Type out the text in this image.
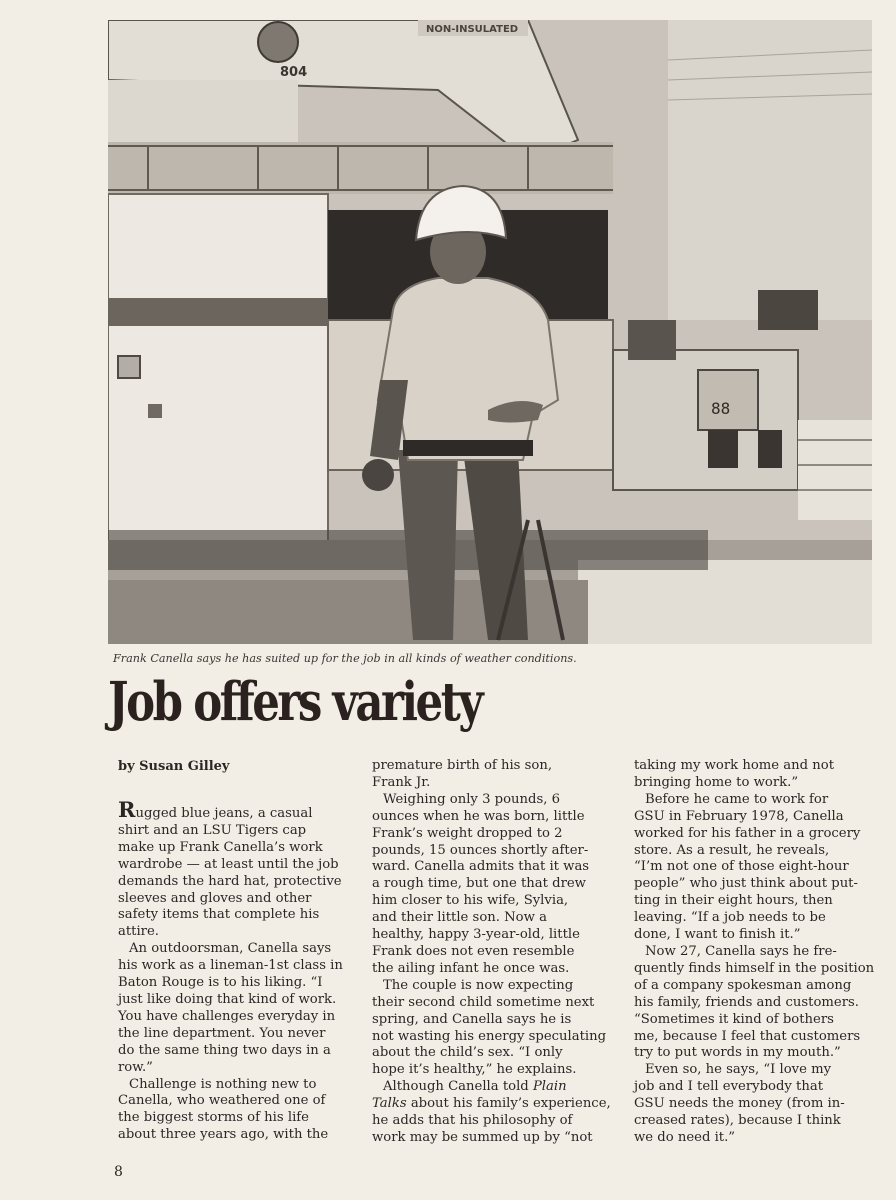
NON-INSULATED
804
88
Frank Canella says he has suited up for the job in all kinds of weather conditions.
Job offers variety
by Susan Gilley
Rugged blue jeans, a casual
shirt and an LSU Tigers cap
make up Frank Canella’s work
wardrobe — at least until the job
demands the hard hat, protective
sleeves and gloves and other
safety items that complete his
attire.
An outdoorsman, Canella says
his work as a lineman-1st class in
Baton Rouge is to his liking. “I
just like doing that kind of work.
You have challenges everyday in
the line department. You never
do the same thing two days in a
row.”
Challenge is nothing new to
Canella, who weathered one of
the biggest storms of his life
about three years ago, with the
premature birth of his son,
Frank Jr.
Weighing only 3 pounds, 6
ounces when he was born, little
Frank’s weight dropped to 2
pounds, 15 ounces shortly after-
ward. Canella admits that it was
a rough time, but one that drew
him closer to his wife, Sylvia,
and their little son. Now a
healthy, happy 3-year-old, little
Frank does not even resemble
the ailing infant he once was.
The couple is now expecting
their second child sometime next
spring, and Canella says he is
not wasting his energy speculating
about the child’s sex. “I only
hope it’s healthy,” he explains.
Although Canella told Plain
Talks about his family’s experience,
he adds that his philosophy of
work may be summed up by “not
taking my work home and not
bringing home to work.”
Before he came to work for
GSU in February 1978, Canella
worked for his father in a grocery
store. As a result, he reveals,
“I’m not one of those eight-hour
people” who just think about put-
ting in their eight hours, then
leaving. “If a job needs to be
done, I want to finish it.”
Now 27, Canella says he fre-
quently finds himself in the position
of a company spokesman among
his family, friends and customers.
“Sometimes it kind of bothers
me, because I feel that customers
try to put words in my mouth.”
Even so, he says, “I love my
job and I tell everybody that
GSU needs the money (from in-
creased rates), because I think
we do need it.”
8
